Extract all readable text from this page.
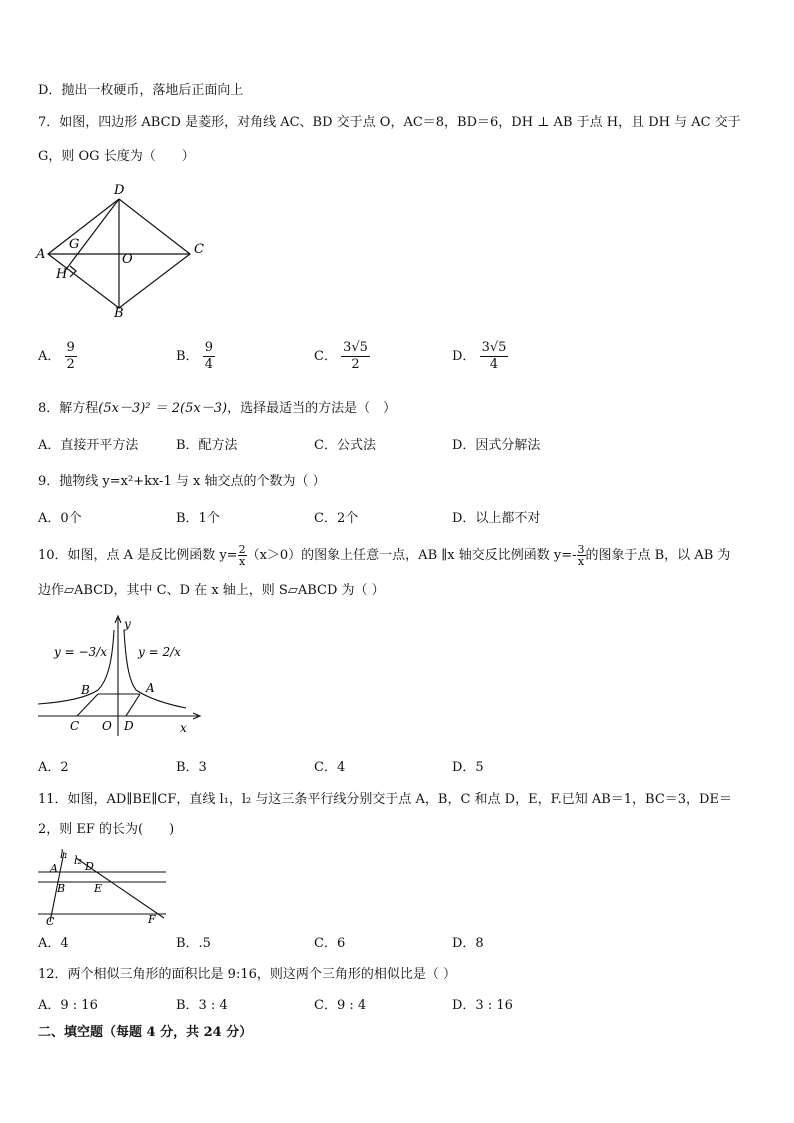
D．抛出一枚硬币，落地后正面向上
7．如图，四边形 ABCD 是菱形，对角线 AC、BD 交于点 O，AC＝8，BD＝6，DH ⊥ AB 于点 H，且 DH 与 AC 交于
G，则 OG 长度为（　　）
D
A	C
B
G
O
H
A． $\frac{9}{2}$	B． $\frac{9}{4}$	C． $\frac{3√5}{2}$	D． $\frac{3√5}{4}$
8．解方程(5x－3)² ＝ 2(5x－3)，选择最适当的方法是（　）
A．直接开平方法	B．配方法	C．公式法	D．因式分解法
9．抛物线 y=x²+kx-1 与 x 轴交点的个数为（ ）
A．0个	B．1个	C．2个	D．以上都不对
10．如图，点 A 是反比例函数 $y= \frac{2}{x} (x>0)$的图象上任意一点，AB ∥x 轴交反比例函数 $y=- \frac{3}{x}$ 的图象于点 B，以 AB 为
边作▱ABCD，其中 C、D 在 x 轴上，则 S▱ABCD 为（ ）
y = −3/x	y = 2/x
y
x
B	A
C O D
A．2	B．3	C．4	D．5
11．如图，AD∥BE∥CF，直线 l₁，l₂ 与这三条平行线分别交于点 A，B，C 和点 D，E，F.已知 AB＝1，BC＝3，DE＝
2，则 EF 的长为(　　)
l₁ l₂
A D
B	E
C	F
A．4	B．.5	C．6	D．8
12．两个相似三角形的面积比是 9:16，则这两个三角形的相似比是（ ）
A．9 : 16	B．3 : 4	C．9 : 4	D．3 : 16
二、填空题（每题 4 分，共 24 分）
